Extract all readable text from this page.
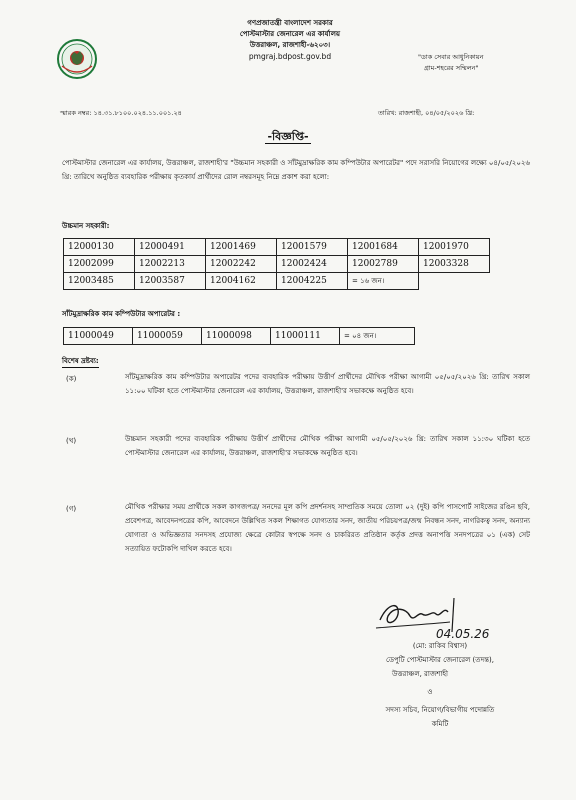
গণপ্রজাতন্ত্রী বাংলাদেশ সরকার
পোস্টমাস্টার জেনারেল এর কার্যালয়
উত্তরাঞ্চল, রাজশাহী-৬২০৩।
pmgraj.bdpost.gov.bd	"ডাক সেবার আধুনিকায়ন
গ্রাম-শহরের সম্মিলন"
স্মারক নম্বর: ১৪.৩১.৮১০০.০২৪.১১.০০১.২৪	তারিখ: রাজশাহী, ০৪/০৫/২০২৬ খ্রি:
-বিজ্ঞপ্তি-
পোস্টমাস্টার জেনারেল এর কার্যালয়, উত্তরাঞ্চল, রাজশাহী'র "উচ্চমান সহকারী ও সাঁটমুদ্রাক্ষরিক কাম কম্পিউটার অপারেটর" পদে সরাসরি নিয়োগের লক্ষ্যে ০৪/০৫/২০২৬ খ্রি: তারিখে অনুষ্ঠিত ব্যবহারিক পরীক্ষায় কৃতকার্য প্রার্থীদের রোল নম্বরসমূহ নিম্নে প্রকাশ করা হলো:
উচ্চমান সহকারী:
12000130	12000491	12001469	12001579	12001684	12001970
12002099	12002213	12002242	12002424	12002789	12003328
12003485	12003587	12004162	12004225	= ১৬ জন।	
সাঁটমুদ্রাক্ষরিক কাম কম্পিউটার অপারেটর :
11000049	11000059	11000098	11000111	= ০৪ জন।
বিশেষ দ্রষ্টব্য:
(ক)	সাঁটমুদ্রাক্ষরিক কাম কম্পিউটার অপারেটর পদের ব্যবহারিক পরীক্ষায় উত্তীর্ণ প্রার্থীদের মৌখিক পরীক্ষা আগামী ০৫/০৫/২০২৬ খ্রি: তারিখ সকাল ১১:০০ ঘটিকা হতে পোস্টমাস্টার জেনারেল এর কার্যালয়, উত্তরাঞ্চল, রাজশাহী'র সভাকক্ষে অনুষ্ঠিত হবে।
(খ)	উচ্চমান সহকারী পদের ব্যবহারিক পরীক্ষায় উত্তীর্ণ প্রার্থীদের মৌখিক পরীক্ষা আগামী ০৫/০৫/২০২৬ খ্রি: তারিখ সকাল ১১:৩০ ঘটিকা হতে পোস্টমাস্টার জেনারেল এর কার্যালয়, উত্তরাঞ্চল, রাজশাহী'র সভাকক্ষে অনুষ্ঠিত হবে।
(গ)	মৌখিক পরীক্ষার সময় প্রার্থীকে সকল কাগজপত্র/ সনদের মূল কপি প্রদর্শনসহ সাম্প্রতিক সময়ে তোলা ০২ (দুই) কপি পাসপোর্ট সাইজের রঙিন ছবি, প্রবেশপত্র, আবেদনপত্রের কপি, আবেদনে উল্লিখিত সকল শিক্ষাগত যোগ্যতার সনদ, জাতীয় পরিচয়পত্র/জন্ম নিবন্ধন সনদ, নাগরিকত্ব সনদ, অন্যান্য যোগ্যতা ও অভিজ্ঞতার সনদসহ প্রযোজ্য ক্ষেত্রে কোটার স্বপক্ষে সনদ ও চাকরিরত প্রতিষ্ঠান কর্তৃক প্রদত্ত অনাপত্তি সনদপত্রের ০১ (এক) সেট সত্যায়িত ফটোকপি দাখিল করতে হবে।
04.05.26
(মো: রাকিব বিশ্বাস)
ডেপুটি পোস্টমাস্টার জেনারেল (তদন্ত),
উত্তরাঞ্চল, রাজশাহী
ও
সদস্য সচিব, নিয়োগ/বিভাগীয় পদোন্নতি
কমিটি
